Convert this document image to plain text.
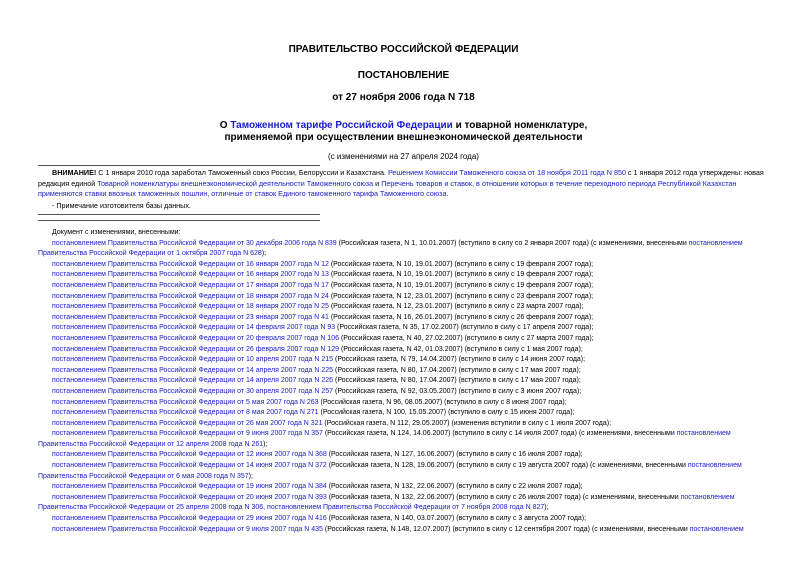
ПРАВИТЕЛЬСТВО РОССИЙСКОЙ ФЕДЕРАЦИИ
ПОСТАНОВЛЕНИЕ
от 27 ноября 2006 года N 718
О Таможенном тарифе Российской Федерации и товарной номенклатуре,
применяемой при осуществлении внешнеэкономической деятельности
(с изменениями на 27 апреля 2024 года)
ВНИМАНИЕ! С 1 января 2010 года заработал Таможенный союз России, Белоруссии и Казахстана. Решением Комиссии Таможенного союза от 18 ноября 2011 года N 850 с 1 января 2012 года утверждены: новая редакция единой Товарной номенклатуры внешнеэкономической деятельности Таможенного союза и Перечень товаров и ставок, в отношении которых в течение переходного периода Республикой Казахстан применяются ставки ввозных таможенных пошлин, отличные от ставок Единого таможенного тарифа Таможенного союза.
- Примечание изготовителя базы данных.
Документ с изменениями, внесенными:
постановлением Правительства Российской Федерации от 30 декабря 2006 года N 839 (Российская газета, N 1, 10.01.2007) (вступило в силу со 2 января 2007 года) (с изменениями, внесенными постановлением
Правительства Российской Федерации от 1 октября 2007 года N 628);
постановлением Правительства Российской Федерации от 16 января 2007 года N 12 (Российская газета, N 10, 19.01.2007) (вступило в силу с 19 февраля 2007 года);
постановлением Правительства Российской Федерации от 16 января 2007 года N 13 (Российская газета, N 10, 19.01.2007) (вступило в силу с 19 февраля 2007 года);
постановлением Правительства Российской Федерации от 17 января 2007 года N 17 (Российская газета, N 10, 19.01.2007) (вступило в силу с 19 февраля 2007 года);
постановлением Правительства Российской Федерации от 18 января 2007 года N 24 (Российская газета, N 12, 23.01.2007) (вступило в силу с 23 февраля 2007 года);
постановлением Правительства Российской Федерации от 18 января 2007 года N 25 (Российская газета, N 12, 23.01.2007) (вступило в силу с 23 марта 2007 года);
постановлением Правительства Российской Федерации от 23 января 2007 года N 41 (Российская газета, N 16, 26.01.2007) (вступило в силу с 26 февраля 2007 года);
постановлением Правительства Российской Федерации от 14 февраля 2007 года N 93 (Российская газета, N 35, 17.02.2007) (вступило в силу с 17 апреля 2007 года);
постановлением Правительства Российской Федерации от 20 февраля 2007 года N 106 (Российская газета, N 40, 27.02.2007) (вступило в силу с 27 марта 2007 года);
постановлением Правительства Российской Федерации от 26 февраля 2007 года N 129 (Российская газета, N 42, 01.03.2007) (вступило в силу с 1 мая 2007 года);
постановлением Правительства Российской Федерации от 10 апреля 2007 года N 215 (Российская газета, N 79, 14.04.2007) (вступило в силу с 14 июня 2007 года);
постановлением Правительства Российской Федерации от 14 апреля 2007 года N 225 (Российская газета, N 80, 17.04.2007) (вступило в силу с 17 мая 2007 года);
постановлением Правительства Российской Федерации от 14 апреля 2007 года N 226 (Российская газета, N 80, 17.04.2007) (вступило в силу с 17 мая 2007 года);
постановлением Правительства Российской Федерации от 30 апреля 2007 года N 257 (Российская газета, N 92, 03.05.2007) (вступило в силу с 3 июня 2007 года);
постановлением Правительства Российской Федерации от 5 мая 2007 года N 263 (Российская газета, N 96, 08.05.2007) (вступило в силу с 8 июня 2007 года);
постановлением Правительства Российской Федерации от 8 мая 2007 года N 271 (Российская газета, N 100, 15.05.2007) (вступило в силу с 15 июня 2007 года);
постановлением Правительства Российской Федерации от 26 мая 2007 года N 321 (Российская газета, N 112, 29.05.2007) (изменения вступили в силу с 1 июля 2007 года);
постановлением Правительства Российской Федерации от 9 июня 2007 года N 357 (Российская газета, N 124, 14.06.2007) (вступило в силу с 14 июля 2007 года) (с изменениями, внесенными постановлением
Правительства Российской Федерации от 12 апреля 2008 года N 261);
постановлением Правительства Российской Федерации от 12 июня 2007 года N 368 (Российская газета, N 127, 16.06.2007) (вступило в силу с 16 июля 2007 года);
постановлением Правительства Российской Федерации от 14 июня 2007 года N 372 (Российская газета, N 128, 19.06.2007) (вступило в силу с 19 августа 2007 года) (с изменениями, внесенными постановлением
Правительства Российской Федерации от 6 мая 2008 года N 357);
постановлением Правительства Российской Федерации от 19 июня 2007 года N 384 (Российская газета, N 132, 22.06.2007) (вступило в силу с 22 июля 2007 года);
постановлением Правительства Российской Федерации от 20 июня 2007 года N 393 (Российская газета, N 132, 22.06.2007) (вступило в силу с 26 июля 2007 года) (с изменениями, внесенными постановлением
Правительства Российской Федерации от 25 апреля 2008 года N 306, постановлением Правительства Российской Федерации от 7 ноября 2008 года N 827);
постановлением Правительства Российской Федерации от 29 июня 2007 года N 416 (Российская газета, N 140, 03.07.2007) (вступило в силу с 3 августа 2007 года);
постановлением Правительства Российской Федерации от 9 июля 2007 года N 435 (Российская газета, N 148, 12.07.2007) (вступило в силу с 12 сентября 2007 года) (с изменениями, внесенными постановлением
